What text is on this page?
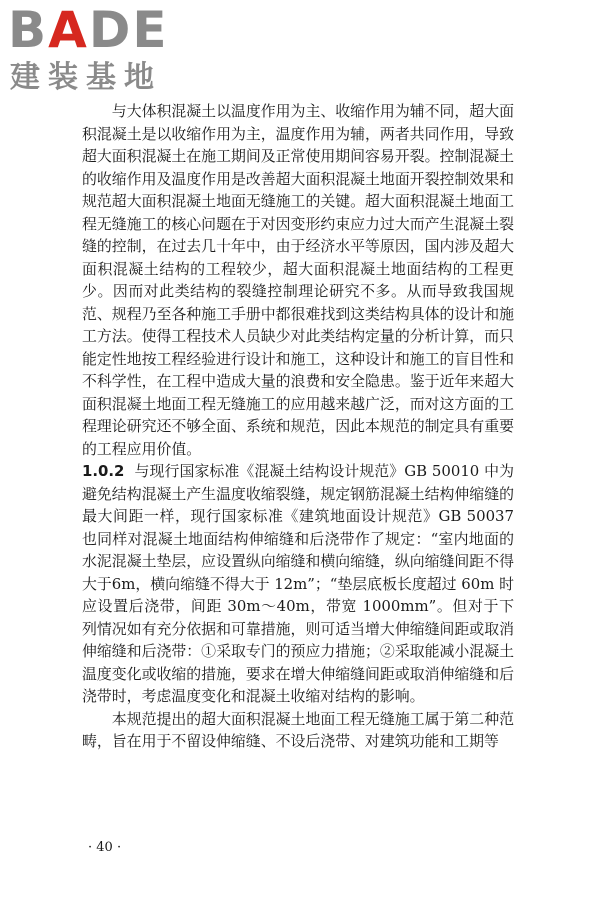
BADE
建装基地

与大体积混凝土以温度作用为主、收缩作用为辅不同，超大面积混凝土是以收缩作用为主，温度作用为辅，两者共同作用，导致超大面积混凝土在施工期间及正常使用期间容易开裂。控制混凝土的收缩作用及温度作用是改善超大面积混凝土地面开裂控制效果和规范超大面积混凝土地面无缝施工的关键。超大面积混凝土地面工程无缝施工的核心问题在于对因变形约束应力过大而产生混凝土裂缝的控制，在过去几十年中，由于经济水平等原因，国内涉及超大面积混凝土结构的工程较少，超大面积混凝土地面结构的工程更少。因而对此类结构的裂缝控制理论研究不多。从而导致我国规范、规程乃至各种施工手册中都很难找到这类结构具体的设计和施工方法。使得工程技术人员缺少对此类结构定量的分析计算，而只能定性地按工程经验进行设计和施工，这种设计和施工的盲目性和不科学性，在工程中造成大量的浪费和安全隐患。鉴于近年来超大面积混凝土地面工程无缝施工的应用越来越广泛，而对这方面的工程理论研究还不够全面、系统和规范，因此本规范的制定具有重要的工程应用价值。

1.0.2 与现行国家标准《混凝土结构设计规范》GB 50010 中为避免结构混凝土产生温度收缩裂缝，规定钢筋混凝土结构伸缩缝的最大间距一样，现行国家标准《建筑地面设计规范》GB 50037 也同样对混凝土地面结构伸缩缝和后浇带作了规定：“室内地面的水泥混凝土垫层，应设置纵向缩缝和横向缩缝，纵向缩缝间距不得大于6m，横向缩缝不得大于 12m”；“垫层底板长度超过 60m 时应设置后浇带，间距 30m～40m，带宽 1000mm”。但对于下列情况如有充分依据和可靠措施，则可适当增大伸缩缝间距或取消伸缩缝和后浇带：①采取专门的预应力措施；②采取能减小混凝土温度变化或收缩的措施，要求在增大伸缩缝间距或取消伸缩缝和后浇带时，考虑温度变化和混凝土收缩对结构的影响。

本规范提出的超大面积混凝土地面工程无缝施工属于第二种范畴，旨在用于不留设伸缩缝、不设后浇带、对建筑功能和工期等

· 40 ·
